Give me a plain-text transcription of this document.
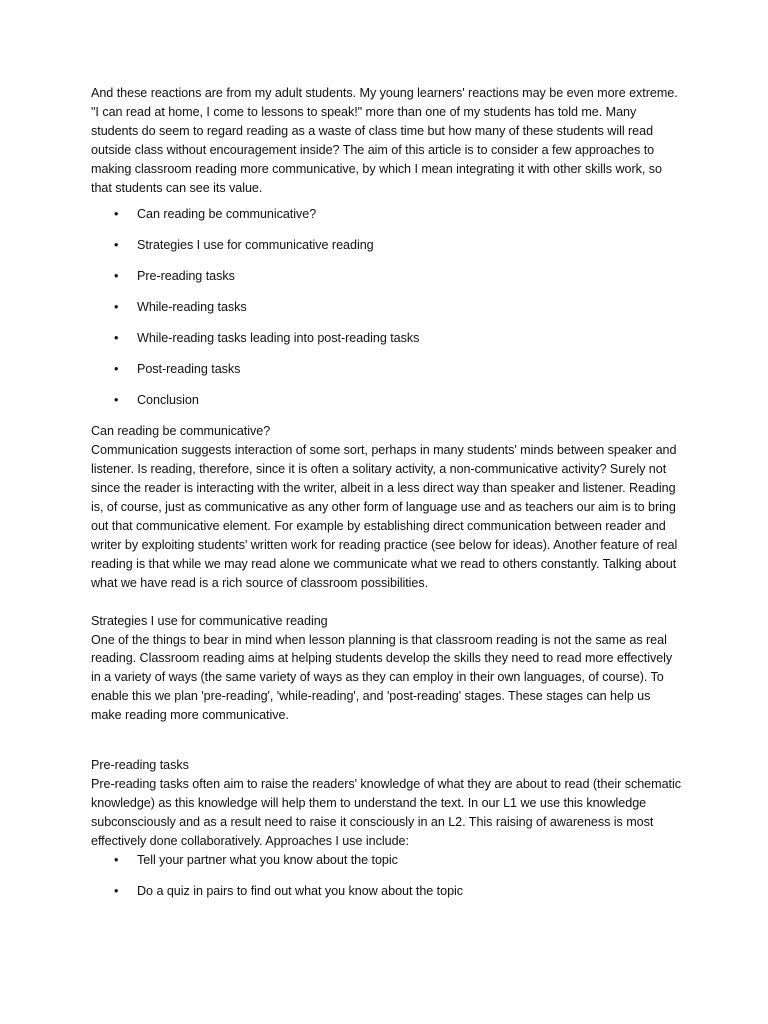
And these reactions are from my adult students. My young learners' reactions may be even more extreme. "I can read at home, I come to lessons to speak!" more than one of my students has told me. Many students do seem to regard reading as a waste of class time but how many of these students will read outside class without encouragement inside? The aim of this article is to consider a few approaches to making classroom reading more communicative, by which I mean integrating it with other skills work, so that students can see its value.

• Can reading be communicative?
• Strategies I use for communicative reading
• Pre-reading tasks
• While-reading tasks
• While-reading tasks leading into post-reading tasks
• Post-reading tasks
• Conclusion

Can reading be communicative?

Communication suggests interaction of some sort, perhaps in many students' minds between speaker and listener. Is reading, therefore, since it is often a solitary activity, a non-communicative activity? Surely not since the reader is interacting with the writer, albeit in a less direct way than speaker and listener. Reading is, of course, just as communicative as any other form of language use and as teachers our aim is to bring out that communicative element. For example by establishing direct communication between reader and writer by exploiting students' written work for reading practice (see below for ideas). Another feature of real reading is that while we may read alone we communicate what we read to others constantly. Talking about what we have read is a rich source of classroom possibilities.

Strategies I use for communicative reading

One of the things to bear in mind when lesson planning is that classroom reading is not the same as real reading. Classroom reading aims at helping students develop the skills they need to read more effectively in a variety of ways (the same variety of ways as they can employ in their own languages, of course). To enable this we plan 'pre-reading', 'while-reading', and 'post-reading' stages. These stages can help us make reading more communicative.

Pre-reading tasks

Pre-reading tasks often aim to raise the readers' knowledge of what they are about to read (their schematic knowledge) as this knowledge will help them to understand the text. In our L1 we use this knowledge subconsciously and as a result need to raise it consciously in an L2. This raising of awareness is most effectively done collaboratively. Approaches I use include:

• Tell your partner what you know about the topic
• Do a quiz in pairs to find out what you know about the topic
